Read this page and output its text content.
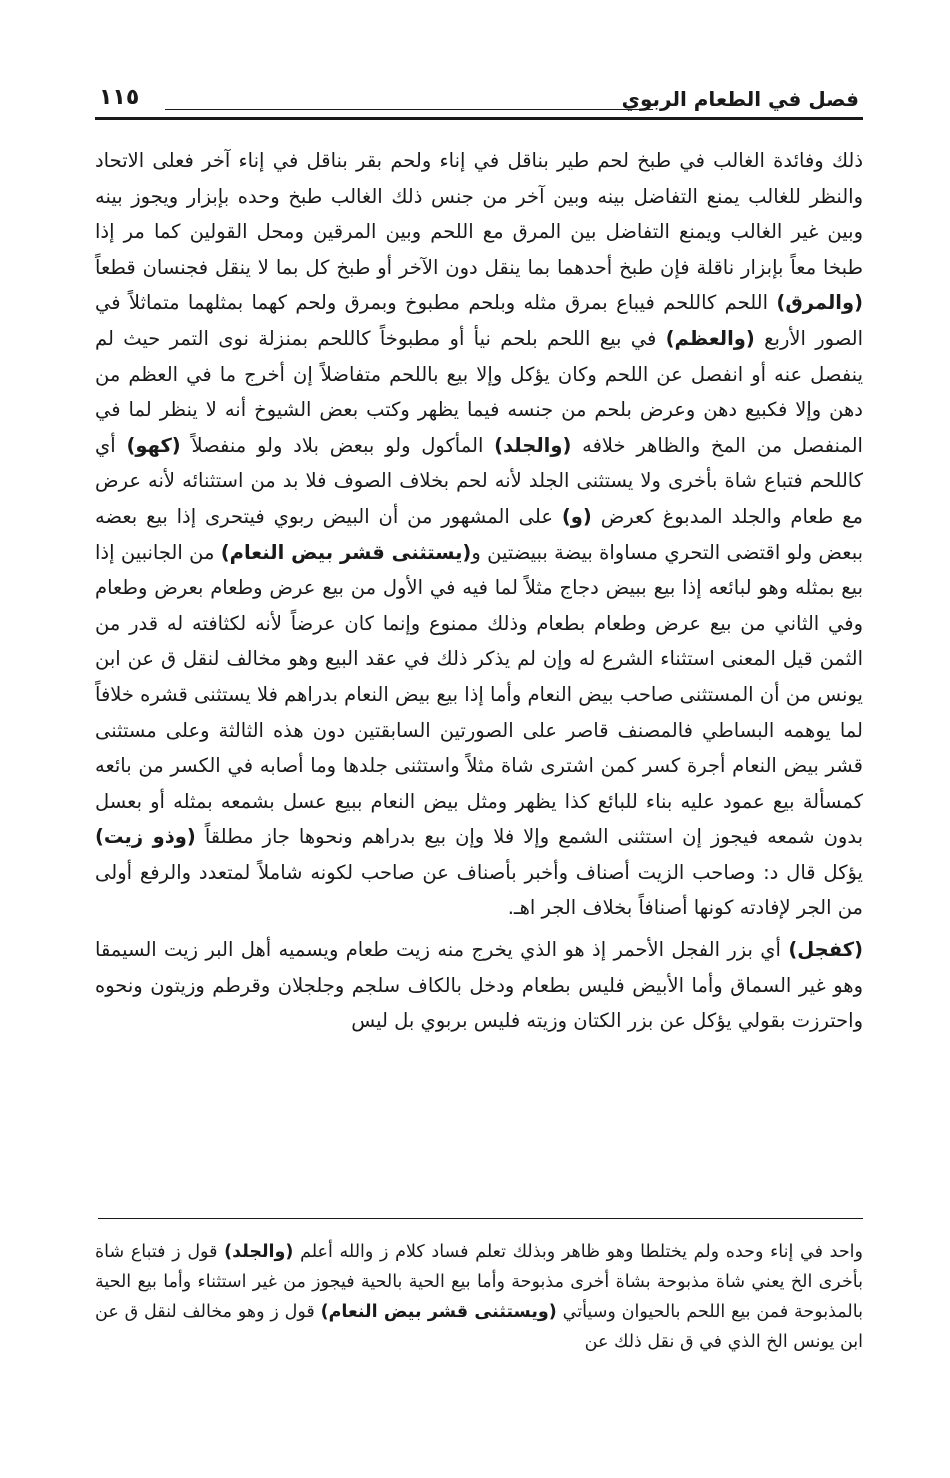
فصل في الطعام الربوي
١١٥

ذلك وفائدة الغالب في طبخ لحم طير بناقل في إناء ولحم بقر بناقل في إناء آخر فعلى الاتحاد والنظر للغالب يمنع التفاضل بينه وبين آخر من جنس ذلك الغالب طبخ وحده بإبزار ويجوز بينه وبين غير الغالب ويمنع التفاضل بين المرق مع اللحم وبين المرقين ومحل القولين كما مر إذا طبخا معاً بإبزار ناقلة فإن طبخ أحدهما بما ينقل دون الآخر أو طبخ كل بما لا ينقل فجنسان قطعاً (والمرق) اللحم كاللحم فيباع بمرق مثله وبلحم مطبوخ وبمرق ولحم كهما بمثلهما متماثلاً في الصور الأربع (والعظم) في بيع اللحم بلحم نيأ أو مطبوخاً كاللحم بمنزلة نوى التمر حيث لم ينفصل عنه أو انفصل عن اللحم وكان يؤكل وإلا بيع باللحم متفاضلاً إن أخرج ما في العظم من دهن وإلا فكبيع دهن وعرض بلحم من جنسه فيما يظهر وكتب بعض الشيوخ أنه لا ينظر لما في المنفصل من المخ والظاهر خلافه (والجلد) المأكول ولو ببعض بلاد ولو منفصلاً (كهو) أي كاللحم فتباع شاة بأخرى ولا يستثنى الجلد لأنه لحم بخلاف الصوف فلا بد من استثنائه لأنه عرض مع طعام والجلد المدبوغ كعرض (و) على المشهور من أن البيض ربوي فيتحرى إذا بيع بعضه ببعض ولو اقتضى التحري مساواة بيضة ببيضتين و(يستثنى قشر بيض النعام) من الجانبين إذا بيع بمثله وهو لبائعه إذا بيع ببيض دجاج مثلاً لما فيه في الأول من بيع عرض وطعام بعرض وطعام وفي الثاني من بيع عرض وطعام بطعام وذلك ممنوع وإنما كان عرضاً لأنه لكثافته له قدر من الثمن قيل المعنى استثناء الشرع له وإن لم يذكر ذلك في عقد البيع وهو مخالف لنقل ق عن ابن يونس من أن المستثنى صاحب بيض النعام وأما إذا بيع بيض النعام بدراهم فلا يستثنى قشره خلافاً لما يوهمه البساطي فالمصنف قاصر على الصورتين السابقتين دون هذه الثالثة وعلى مستثنى قشر بيض النعام أجرة كسر كمن اشترى شاة مثلاً واستثنى جلدها وما أصابه في الكسر من بائعه كمسألة بيع عمود عليه بناء للبائع كذا يظهر ومثل بيض النعام ببيع عسل بشمعه بمثله أو بعسل بدون شمعه فيجوز إن استثنى الشمع وإلا فلا وإن بيع بدراهم ونحوها جاز مطلقاً (وذو زيت) يؤكل قال د: وصاحب الزيت أصناف وأخبر بأصناف عن صاحب لكونه شاملاً لمتعدد والرفع أولى من الجر لإفادته كونها أصنافاً بخلاف الجر اهـ.

(كفجل) أي بزر الفجل الأحمر إذ هو الذي يخرج منه زيت طعام ويسميه أهل البر زيت السيمقا وهو غير السماق وأما الأبيض فليس بطعام ودخل بالكاف سلجم وجلجلان وقرطم وزيتون ونحوه واحترزت بقولي يؤكل عن بزر الكتان وزيته فليس بربوي بل ليس

واحد في إناء وحده ولم يختلطا وهو ظاهر وبذلك تعلم فساد كلام ز والله أعلم (والجلد) قول ز فتباع شاة بأخرى الخ يعني شاة مذبوحة بشاة أخرى مذبوحة وأما بيع الحية بالحية فيجوز من غير استثناء وأما بيع الحية بالمذبوحة فمن بيع اللحم بالحيوان وسيأتي (ويستثنى قشر بيض النعام) قول ز وهو مخالف لنقل ق عن ابن يونس الخ الذي في ق نقل ذلك عن
